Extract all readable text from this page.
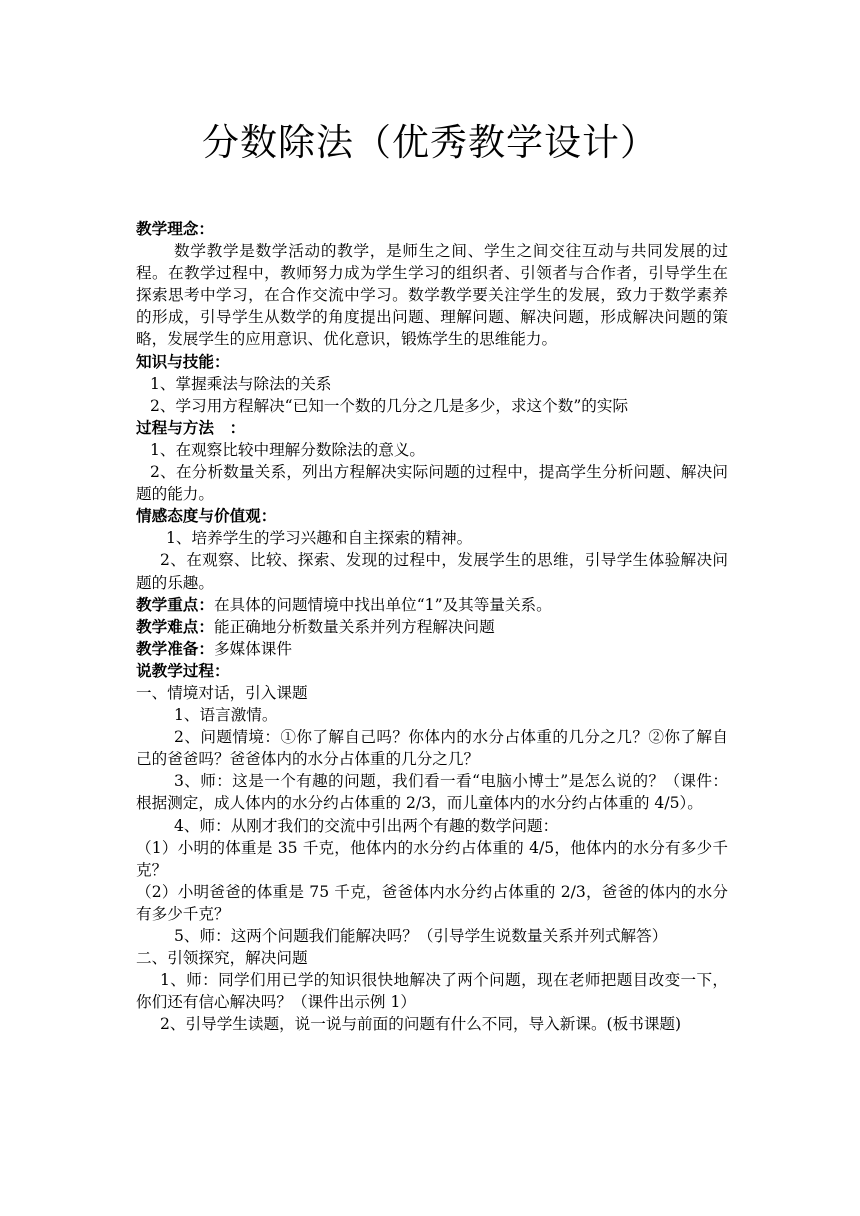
分数除法（优秀教学设计）

教学理念：

数学教学是数学活动的教学，是师生之间、学生之间交往互动与共同发展的过程。在教学过程中，教师努力成为学生学习的组织者、引领者与合作者，引导学生在探索思考中学习，在合作交流中学习。数学教学要关注学生的发展，致力于数学素养的形成，引导学生从数学的角度提出问题、理解问题、解决问题，形成解决问题的策略，发展学生的应用意识、优化意识，锻炼学生的思维能力。

知识与技能：

1、掌握乘法与除法的关系

2、学习用方程解决“已知一个数的几分之几是多少，求这个数”的实际

过程与方法　：

1、在观察比较中理解分数除法的意义。

2、在分析数量关系，列出方程解决实际问题的过程中，提高学生分析问题、解决问题的能力。

情感态度与价值观：

1、培养学生的学习兴趣和自主探索的精神。

2、在观察、比较、探索、发现的过程中，发展学生的思维，引导学生体验解决问题的乐趣。

教学重点：在具体的问题情境中找出单位“1”及其等量关系。

教学难点：能正确地分析数量关系并列方程解决问题

教学准备：多媒体课件

说教学过程：

一、情境对话，引入课题

1、语言激情。

2、问题情境：①你了解自己吗？你体内的水分占体重的几分之几？②你了解自己的爸爸吗？爸爸体内的水分占体重的几分之几？

3、师：这是一个有趣的问题，我们看一看“电脑小博士”是怎么说的？（课件：根据测定，成人体内的水分约占体重的 2/3，而儿童体内的水分约占体重的 4/5）。

4、师：从刚才我们的交流中引出两个有趣的数学问题：

（1）小明的体重是 35 千克，他体内的水分约占体重的 4/5，他体内的水分有多少千克？

（2）小明爸爸的体重是 75 千克，爸爸体内水分约占体重的 2/3，爸爸的体内的水分有多少千克？

5、师：这两个问题我们能解决吗？（引导学生说数量关系并列式解答）

二、引领探究，解决问题

1、师：同学们用已学的知识很快地解决了两个问题，现在老师把题目改变一下，你们还有信心解决吗？（课件出示例 1）

2、引导学生读题，说一说与前面的问题有什么不同，导入新课。(板书课题)
